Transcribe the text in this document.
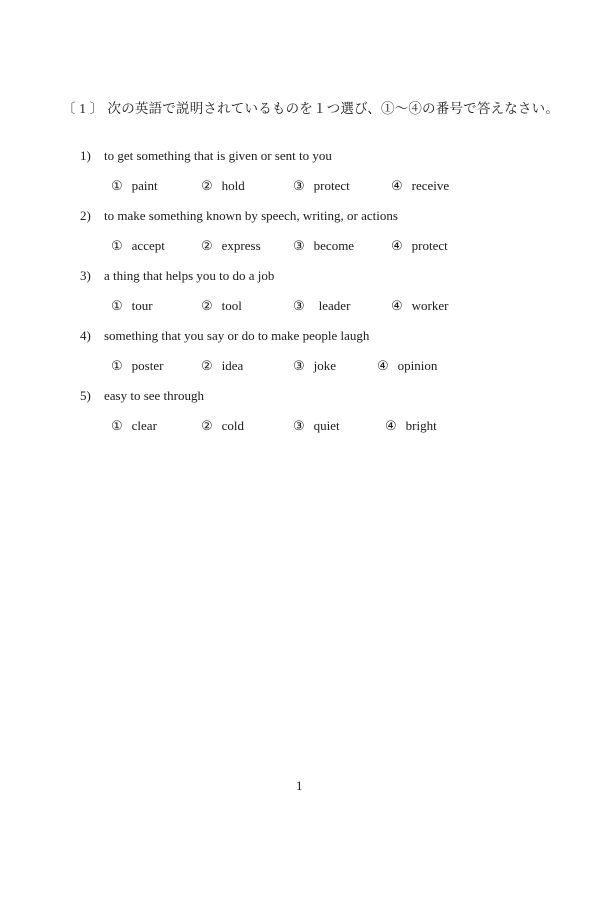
〔 1 〕 次の英語で説明されているものを１つ選び、①～④の番号で答えなさい。
1) to get something that is given or sent to you
① paint	② hold	③ protect	④ receive
2) to make something known by speech, writing, or actions
① accept	② express ③ become	④ protect
3) a thing that helps you to do a job
① tour	② tool	③ leader	④ worker
4) something that you say or do to make people laugh
① poster	② idea	③ joke	④ opinion
5) easy to see through
① clear	② cold	③ quiet	④ bright
1
